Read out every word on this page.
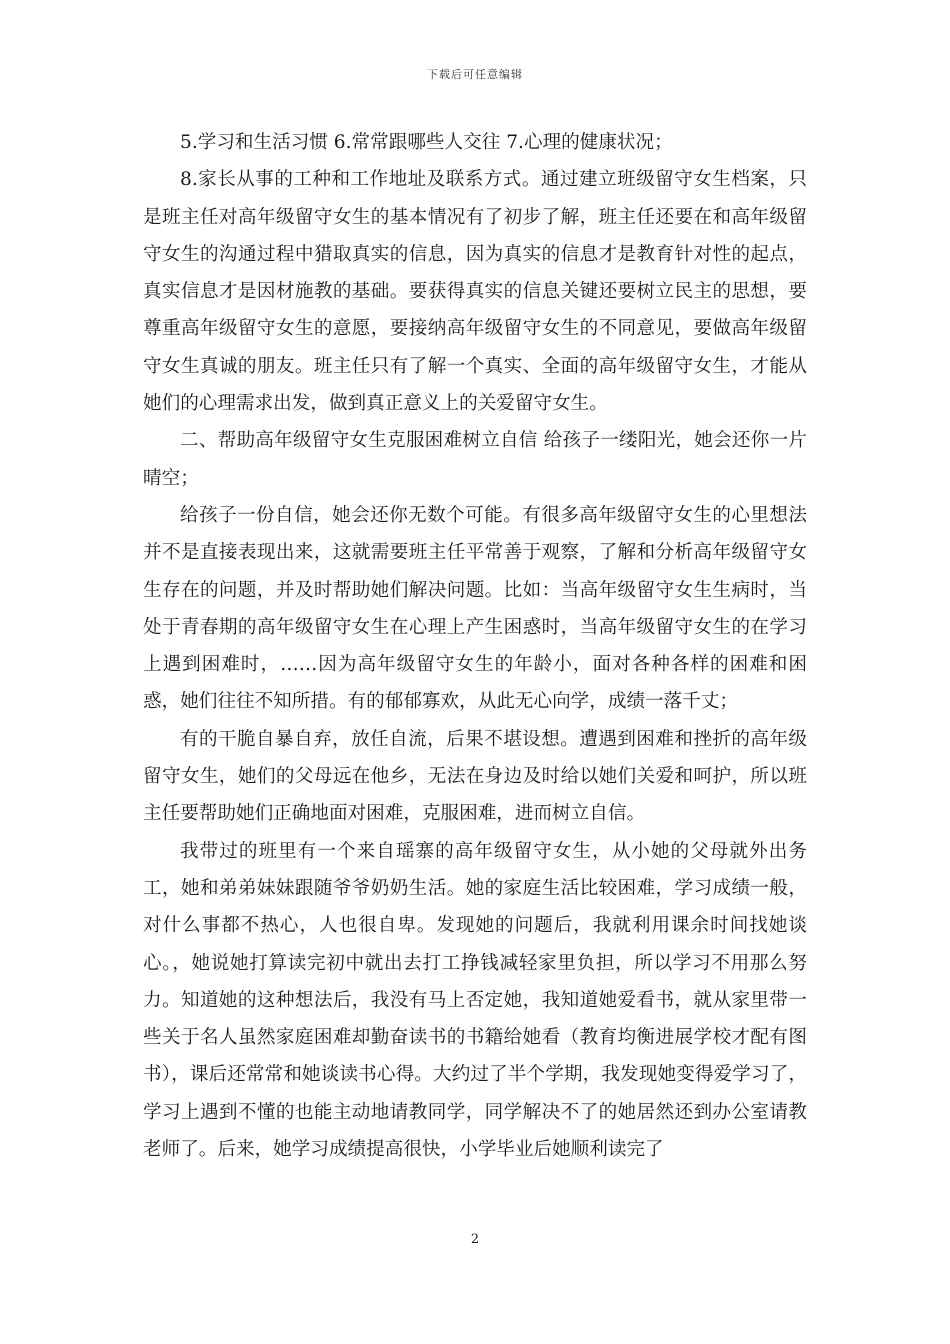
下载后可任意编辑

5.学习和生活习惯 6.常常跟哪些人交往 7.心理的健康状况；

8.家长从事的工种和工作地址及联系方式。通过建立班级留守女生档案，只是班主任对高年级留守女生的基本情况有了初步了解，班主任还要在和高年级留守女生的沟通过程中猎取真实的信息，因为真实的信息才是教育针对性的起点，真实信息才是因材施教的基础。要获得真实的信息关键还要树立民主的思想，要尊重高年级留守女生的意愿，要接纳高年级留守女生的不同意见，要做高年级留守女生真诚的朋友。班主任只有了解一个真实、全面的高年级留守女生，才能从她们的心理需求出发，做到真正意义上的关爱留守女生。

二、帮助高年级留守女生克服困难树立自信 给孩子一缕阳光，她会还你一片晴空；

给孩子一份自信，她会还你无数个可能。有很多高年级留守女生的心里想法并不是直接表现出来，这就需要班主任平常善于观察，了解和分析高年级留守女生存在的问题，并及时帮助她们解决问题。比如：当高年级留守女生生病时，当处于青春期的高年级留守女生在心理上产生困惑时，当高年级留守女生的在学习上遇到困难时，……因为高年级留守女生的年龄小，面对各种各样的困难和困惑，她们往往不知所措。有的郁郁寡欢，从此无心向学，成绩一落千丈；

有的干脆自暴自弃，放任自流，后果不堪设想。遭遇到困难和挫折的高年级留守女生，她们的父母远在他乡，无法在身边及时给以她们关爱和呵护，所以班主任要帮助她们正确地面对困难，克服困难，进而树立自信。

我带过的班里有一个来自瑶寨的高年级留守女生，从小她的父母就外出务工，她和弟弟妹妹跟随爷爷奶奶生活。她的家庭生活比较困难，学习成绩一般，对什么事都不热心，人也很自卑。发现她的问题后，我就利用课余时间找她谈心。，她说她打算读完初中就出去打工挣钱减轻家里负担，所以学习不用那么努力。知道她的这种想法后，我没有马上否定她，我知道她爱看书，就从家里带一些关于名人虽然家庭困难却勤奋读书的书籍给她看（教育均衡进展学校才配有图书），课后还常常和她谈读书心得。大约过了半个学期，我发现她变得爱学习了，学习上遇到不懂的也能主动地请教同学，同学解决不了的她居然还到办公室请教老师了。后来，她学习成绩提高很快，小学毕业后她顺利读完了

2
